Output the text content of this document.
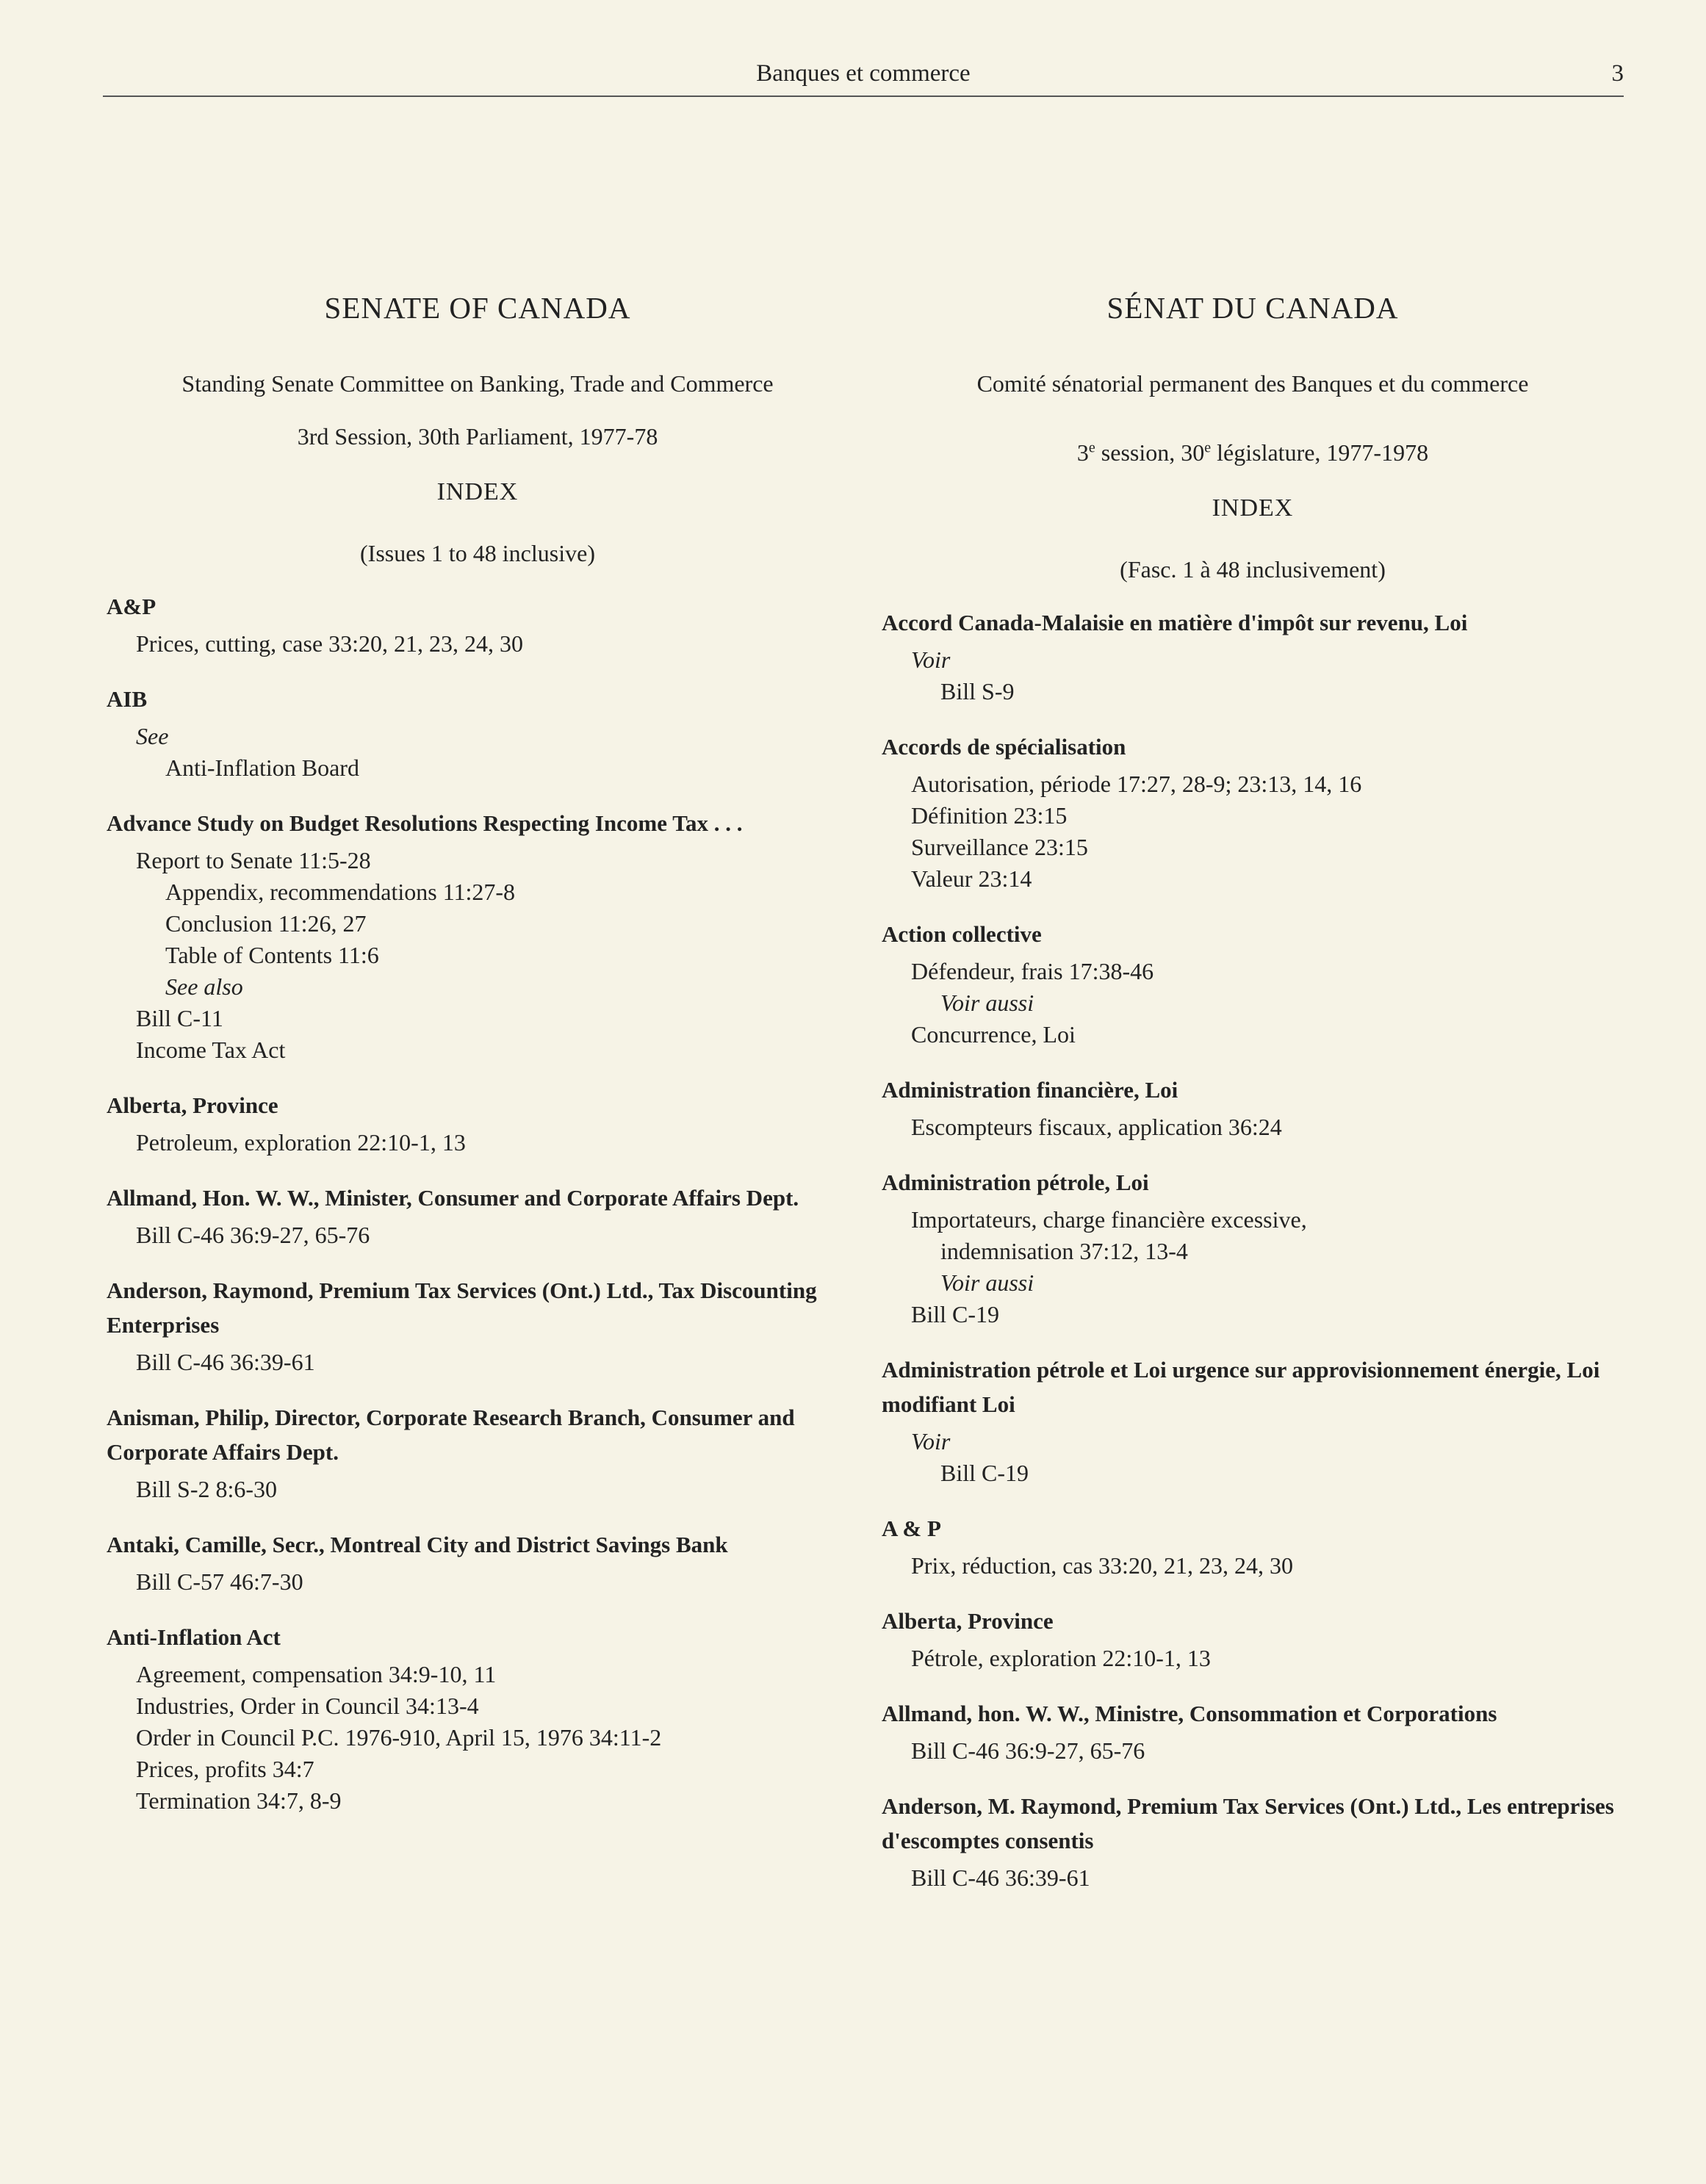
Banques et commerce	3
SENATE OF CANADA
Standing Senate Committee on Banking, Trade and Commerce
3rd Session, 30th Parliament, 1977-78
INDEX
(Issues 1 to 48 inclusive)
A&P
Prices, cutting, case 33:20, 21, 23, 24, 30
AIB
See
Anti-Inflation Board
Advance Study on Budget Resolutions Respecting Income Tax . . .
Report to Senate 11:5-28
Appendix, recommendations 11:27-8
Conclusion 11:26, 27
Table of Contents 11:6
See also
Bill C-11
Income Tax Act
Alberta, Province
Petroleum, exploration 22:10-1, 13
Allmand, Hon. W. W., Minister, Consumer and Corporate Affairs Dept.
Bill C-46 36:9-27, 65-76
Anderson, Raymond, Premium Tax Services (Ont.) Ltd., Tax Discounting Enterprises
Bill C-46 36:39-61
Anisman, Philip, Director, Corporate Research Branch, Consumer and Corporate Affairs Dept.
Bill S-2 8:6-30
Antaki, Camille, Secr., Montreal City and District Savings Bank
Bill C-57 46:7-30
Anti-Inflation Act
Agreement, compensation 34:9-10, 11
Industries, Order in Council 34:13-4
Order in Council P.C. 1976-910, April 15, 1976 34:11-2
Prices, profits 34:7
Termination 34:7, 8-9
SÉNAT DU CANADA
Comité sénatorial permanent des Banques et du commerce
3e session, 30e législature, 1977-1978
INDEX
(Fasc. 1 à 48 inclusivement)
Accord Canada-Malaisie en matière d'impôt sur revenu, Loi
Voir
Bill S-9
Accords de spécialisation
Autorisation, période 17:27, 28-9; 23:13, 14, 16
Définition 23:15
Surveillance 23:15
Valeur 23:14
Action collective
Défendeur, frais 17:38-46
Voir aussi
Concurrence, Loi
Administration financière, Loi
Escompteurs fiscaux, application 36:24
Administration pétrole, Loi
Importateurs, charge financière excessive,
indemnisation 37:12, 13-4
Voir aussi
Bill C-19
Administration pétrole et Loi urgence sur approvisionnement énergie, Loi modifiant Loi
Voir
Bill C-19
A & P
Prix, réduction, cas 33:20, 21, 23, 24, 30
Alberta, Province
Pétrole, exploration 22:10-1, 13
Allmand, hon. W. W., Ministre, Consommation et Corporations
Bill C-46 36:9-27, 65-76
Anderson, M. Raymond, Premium Tax Services (Ont.) Ltd., Les entreprises d'escomptes consentis
Bill C-46 36:39-61
